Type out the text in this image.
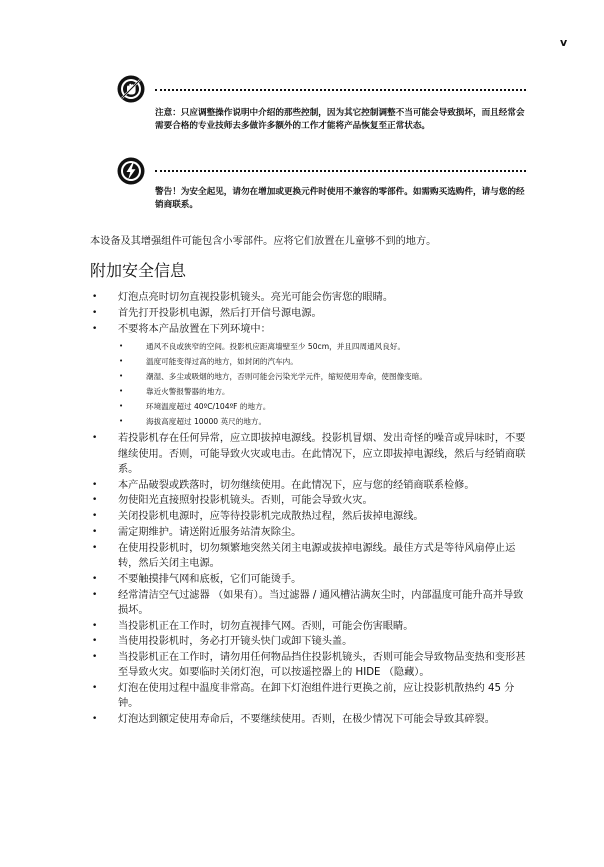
v
注意：只应调整操作说明中介绍的那些控制，因为其它控制调整不当可能会导致损坏，而且经常会需要合格的专业技师去多做许多额外的工作才能将产品恢复至正常状态。
警告！为安全起见，请勿在增加或更换元件时使用不兼容的零部件。如需购买选购件，请与您的经销商联系。
本设备及其增强组件可能包含小零部件。应将它们放置在儿童够不到的地方。
附加安全信息
• 灯泡点亮时切勿直视投影机镜头。亮光可能会伤害您的眼睛。
• 首先打开投影机电源，然后打开信号源电源。
• 不要将本产品放置在下列环境中：
•	通风不良或狭窄的空间。投影机应距离墙壁至少 50cm，并且四周通风良好。
•	温度可能变得过高的地方，如封闭的汽车内。
•	潮湿、多尘或吸烟的地方，否则可能会污染光学元件，缩短使用寿命，使图像变暗。
•	靠近火警报警器的地方。
•	环境温度超过 40ºC/104ºF 的地方。
•	海拔高度超过 10000 英尺的地方。
• 若投影机存在任何异常，应立即拔掉电源线。投影机冒烟、发出奇怪的噪音或异味时，不要继续使用。否则，可能导致火灾或电击。在此情况下，应立即拔掉电源线，然后与经销商联系。
• 本产品破裂或跌落时，切勿继续使用。在此情况下，应与您的经销商联系检修。
• 勿使阳光直接照射投影机镜头。否则，可能会导致火灾。
• 关闭投影机电源时，应等待投影机完成散热过程，然后拔掉电源线。
• 需定期维护。请送附近服务站清灰除尘。
• 在使用投影机时，切勿频繁地突然关闭主电源或拔掉电源线。最佳方式是等待风扇停止运转，然后关闭主电源。
• 不要触摸排气网和底板，它们可能烫手。
• 经常清洁空气过滤器 （如果有）。当过滤器 / 通风槽沾满灰尘时，内部温度可能升高并导致损坏。
• 当投影机正在工作时，切勿直视排气网。否则，可能会伤害眼睛。
• 当使用投影机时，务必打开镜头快门或卸下镜头盖。
• 当投影机正在工作时，请勿用任何物品挡住投影机镜头，否则可能会导致物品变热和变形甚至导致火灾。如要临时关闭灯泡，可以按遥控器上的 HIDE （隐藏）。
• 灯泡在使用过程中温度非常高。在卸下灯泡组件进行更换之前，应让投影机散热约 45 分钟。
• 灯泡达到额定使用寿命后，不要继续使用。否则，在极少情况下可能会导致其碎裂。
